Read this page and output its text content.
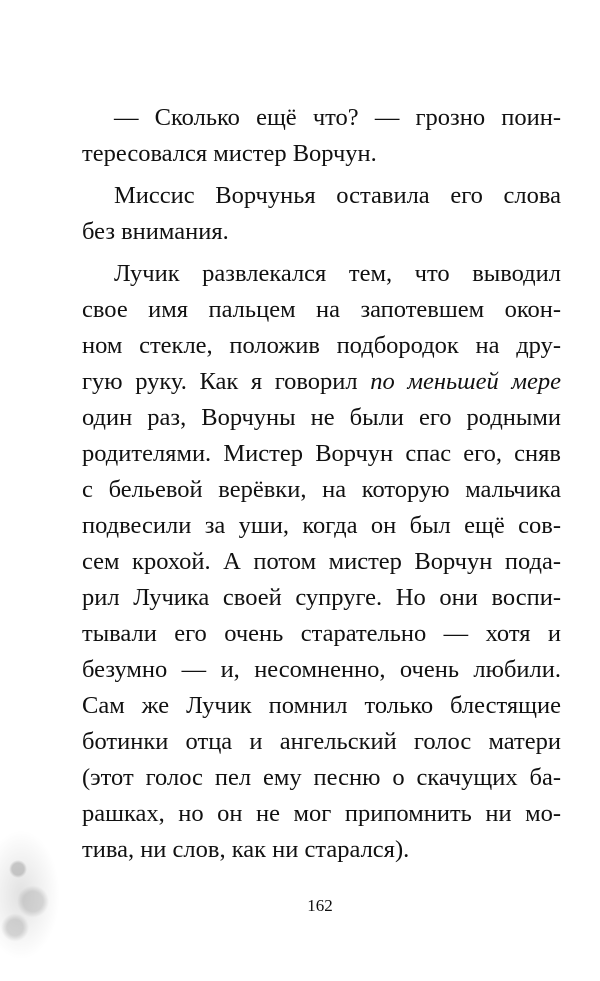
— Сколько ещё что? — грозно поин-
тересовался мистер Ворчун.
Миссис Ворчунья оставила его слова
без внимания.
Лучик развлекался тем, что выводил
свое имя пальцем на запотевшем окон-
ном стекле, положив подбородок на дру-
гую руку. Как я говорил по меньшей мере
один раз, Ворчуны не были его родными
родителями. Мистер Ворчун спас его, сняв
с бельевой верёвки, на которую мальчика
подвесили за уши, когда он был ещё сов-
сем крохой. А потом мистер Ворчун пода-
рил Лучика своей супруге. Но они воспи-
тывали его очень старательно — хотя и
безумно — и, несомненно, очень любили.
Сам же Лучик помнил только блестящие
ботинки отца и ангельский голос матери
(этот голос пел ему песню о скачущих ба-
рашках, но он не мог припомнить ни мо-
тива, ни слов, как ни старался).
162
